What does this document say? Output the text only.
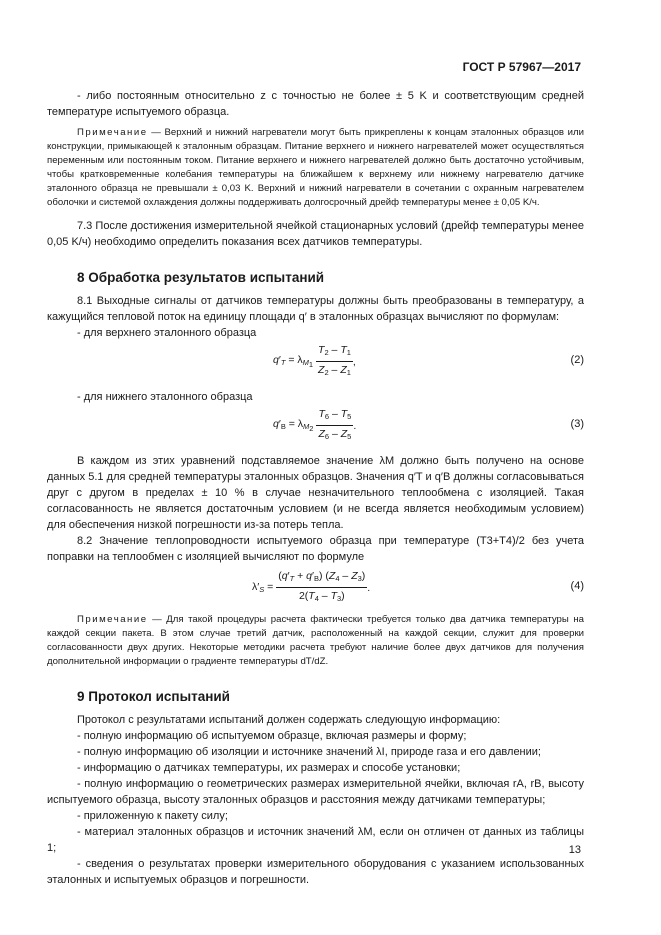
ГОСТ Р 57967—2017

- либо постоянным относительно z с точностью не более ± 5 K и соответствующим средней температуре испытуемого образца.

Примечание — Верхний и нижний нагреватели могут быть прикреплены к концам эталонных образцов или конструкции, примыкающей к эталонным образцам. Питание верхнего и нижнего нагревателей может осуществляться переменным или постоянным током. Питание верхнего и нижнего нагревателей должно быть достаточно устойчивым, чтобы кратковременные колебания температуры на ближайшем к верхнему или нижнему нагревателю датчике эталонного образца не превышали ± 0,03 K. Верхний и нижний нагреватели в сочетании с охранным нагревателем оболочки и системой охлаждения должны поддерживать долгосрочный дрейф температуры менее ± 0,05 K/ч.

7.3 После достижения измерительной ячейкой стационарных условий (дрейф температуры менее 0,05 K/ч) необходимо определить показания всех датчиков температуры.

8 Обработка результатов испытаний

8.1 Выходные сигналы от датчиков температуры должны быть преобразованы в температуру, а кажущийся тепловой поток на единицу площади q′ в эталонных образцах вычисляют по формулам:

- для верхнего эталонного образца

$q'_T = \lambda_{M_1} \frac{T_2 - T_1}{Z_2 - Z_1}$ ,	(2)

- для нижнего эталонного образца

$q'_B = \lambda_{M_2} \frac{T_6 - T_5}{Z_6 - Z_5}$ .	(3)

В каждом из этих уравнений подставляемое значение λM должно быть получено на основе данных 5.1 для средней температуры эталонных образцов. Значения q′T и q′B должны согласовываться друг с другом в пределах ± 10 % в случае незначительного теплообмена с изоляцией. Такая согласованность не является достаточным условием (и не всегда является необходимым условием) для обеспечения низкой погрешности из-за потерь тепла.

8.2 Значение теплопроводности испытуемого образца при температуре (T3+T4)/2 без учета поправки на теплообмен с изоляцией вычисляют по формуле

$\lambda'_S = \frac{(q'_T + q'_B) (Z_4 - Z_3)}{2(T_4 - T_3)}$ .	(4)

Примечание — Для такой процедуры расчета фактически требуется только два датчика температуры на каждой секции пакета. В этом случае третий датчик, расположенный на каждой секции, служит для проверки согласованности двух других. Некоторые методики расчета требуют наличие более двух датчиков для получения дополнительной информации о градиенте температуры dT/dZ.

9 Протокол испытаний

Протокол с результатами испытаний должен содержать следующую информацию:

- полную информацию об испытуемом образце, включая размеры и форму;

- полную информацию об изоляции и источнике значений λI, природе газа и его давлении;

- информацию о датчиках температуры, их размерах и способе установки;

- полную информацию о геометрических размерах измерительной ячейки, включая rA, rB, высоту испытуемого образца, высоту эталонных образцов и расстояния между датчиками температуры;

- приложенную к пакету силу;

- материал эталонных образцов и источник значений λM, если он отличен от данных из таблицы 1;

- сведения о результатах проверки измерительного оборудования с указанием использованных эталонных и испытуемых образцов и погрешности.

13
